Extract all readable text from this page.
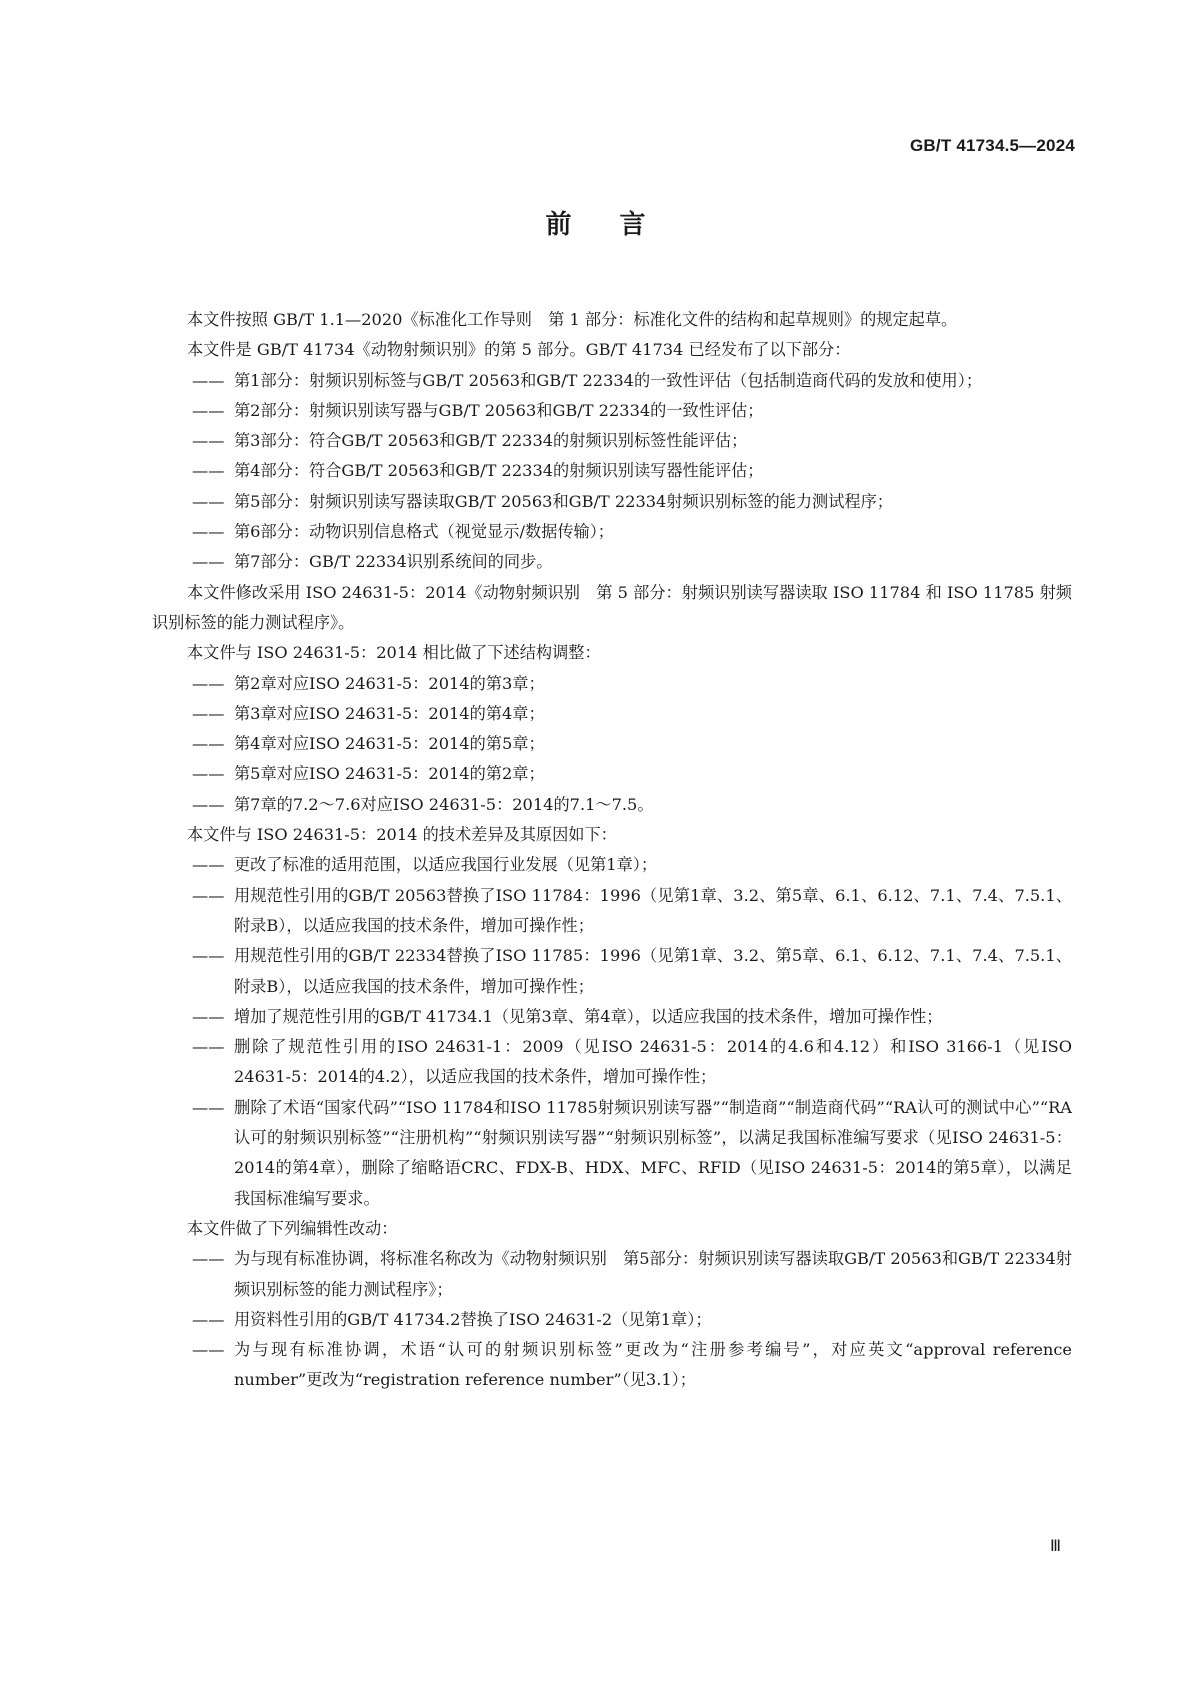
GB/T 41734.5—2024
前 言
本文件按照 GB/T 1.1—2020《标准化工作导则　第 1 部分：标准化文件的结构和起草规则》的规定起草。
本文件是 GB/T 41734《动物射频识别》的第 5 部分。GB/T 41734 已经发布了以下部分：
—— 第1部分：射频识别标签与GB/T 20563和GB/T 22334的一致性评估（包括制造商代码的发放和使用）；
—— 第2部分：射频识别读写器与GB/T 20563和GB/T 22334的一致性评估；
—— 第3部分：符合GB/T 20563和GB/T 22334的射频识别标签性能评估；
—— 第4部分：符合GB/T 20563和GB/T 22334的射频识别读写器性能评估；
—— 第5部分：射频识别读写器读取GB/T 20563和GB/T 22334射频识别标签的能力测试程序；
—— 第6部分：动物识别信息格式（视觉显示/数据传输）；
—— 第7部分：GB/T 22334识别系统间的同步。
本文件修改采用 ISO 24631-5：2014《动物射频识别　第 5 部分：射频识别读写器读取 ISO 11784 和 ISO 11785 射频识别标签的能力测试程序》。
本文件与 ISO 24631-5：2014 相比做了下述结构调整：
—— 第2章对应ISO 24631-5：2014的第3章；
—— 第3章对应ISO 24631-5：2014的第4章；
—— 第4章对应ISO 24631-5：2014的第5章；
—— 第5章对应ISO 24631-5：2014的第2章；
—— 第7章的7.2～7.6对应ISO 24631-5：2014的7.1～7.5。
本文件与 ISO 24631-5：2014 的技术差异及其原因如下：
—— 更改了标准的适用范围，以适应我国行业发展（见第1章）；
—— 用规范性引用的GB/T 20563替换了ISO 11784：1996（见第1章、3.2、第5章、6.1、6.12、7.1、7.4、7.5.1、附录B），以适应我国的技术条件，增加可操作性；
—— 用规范性引用的GB/T 22334替换了ISO 11785：1996（见第1章、3.2、第5章、6.1、6.12、7.1、7.4、7.5.1、附录B），以适应我国的技术条件，增加可操作性；
—— 增加了规范性引用的GB/T 41734.1（见第3章、第4章），以适应我国的技术条件，增加可操作性；
—— 删除了规范性引用的ISO 24631-1：2009（见ISO 24631-5：2014的4.6和4.12）和ISO 3166-1（见ISO 24631-5：2014的4.2），以适应我国的技术条件，增加可操作性；
—— 删除了术语“国家代码”“ISO 11784和ISO 11785射频识别读写器”“制造商”“制造商代码”“RA认可的测试中心”“RA认可的射频识别标签”“注册机构”“射频识别读写器”“射频识别标签”，以满足我国标准编写要求（见ISO 24631-5：2014的第4章），删除了缩略语CRC、FDX-B、HDX、MFC、RFID（见ISO 24631-5：2014的第5章），以满足我国标准编写要求。
本文件做了下列编辑性改动：
—— 为与现有标准协调，将标准名称改为《动物射频识别　第5部分：射频识别读写器读取GB/T 20563和GB/T 22334射频识别标签的能力测试程序》；
—— 用资料性引用的GB/T 41734.2替换了ISO 24631-2（见第1章）；
—— 为与现有标准协调，术语“认可的射频识别标签”更改为“注册参考编号”，对应英文“approval reference number”更改为“registration reference number”（见3.1）；
Ⅲ
